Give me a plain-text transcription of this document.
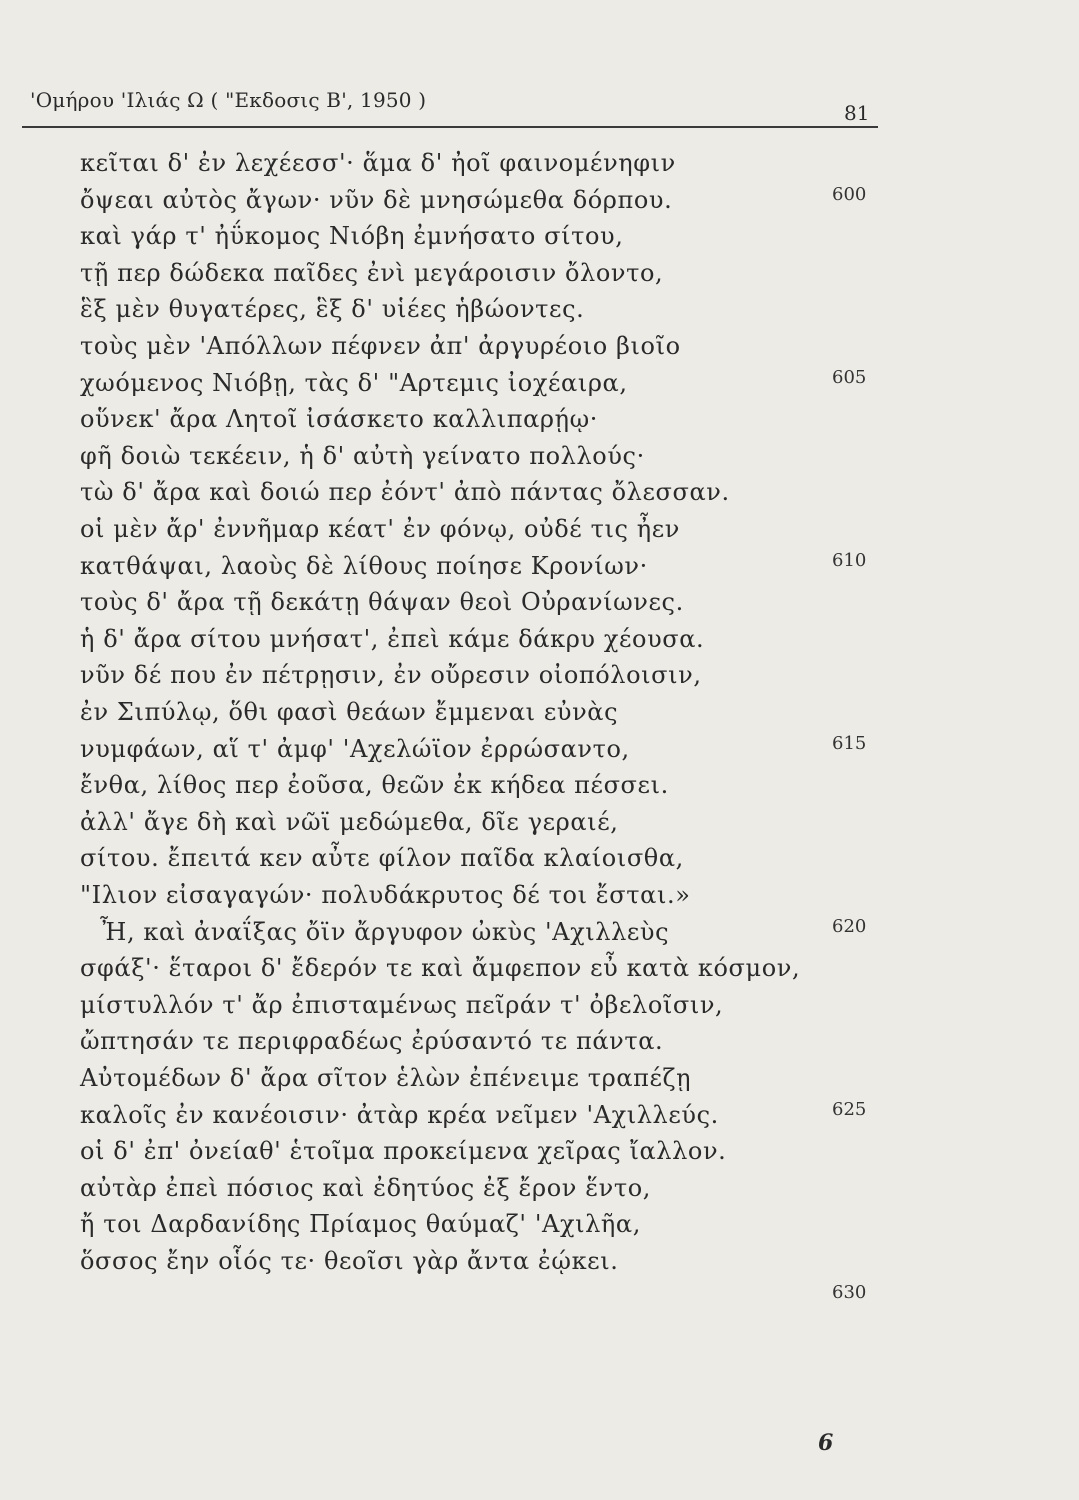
'Ομήρου 'Ιλιάς Ω ( "Εκδοσις Β', 1950 )
81
κεῖται δ' ἐν λεχέεσσ'· ἅμα δ' ἠοῖ φαινομένηφιν
ὄψεαι αὐτὸς ἄγων· νῦν δὲ μνησώμεθα δόρπου.
καὶ γάρ τ' ἠΰκομος Νιόβη ἐμνήσατο σίτου,
τῇ περ δώδεκα παῖδες ἐνὶ μεγάροισιν ὄλοντο,
ἓξ μὲν θυγατέρες, ἓξ δ' υἱέες ἡβώοντες.
τοὺς μὲν 'Απόλλων πέφνεν ἀπ' ἀργυρέοιο βιοῖο
χωόμενος Νιόβῃ, τὰς δ' "Αρτεμις ἰοχέαιρα,
οὕνεκ' ἄρα Λητοῖ ἰσάσκετο καλλιπαρῄῳ·
φῆ δοιὼ τεκέειν, ἡ δ' αὐτὴ γείνατο πολλούς·
τὼ δ' ἄρα καὶ δοιώ περ ἐόντ' ἀπὸ πάντας ὄλεσσαν.
οἱ μὲν ἄρ' ἐννῆμαρ κέατ' ἐν φόνῳ, οὐδέ τις ἦεν
κατθάψαι, λαοὺς δὲ λίθους ποίησε Κρονίων·
τοὺς δ' ἄρα τῇ δεκάτῃ θάψαν θεοὶ Οὐρανίωνες.
ἡ δ' ἄρα σίτου μνήσατ', ἐπεὶ κάμε δάκρυ χέουσα.
νῦν δέ που ἐν πέτρῃσιν, ἐν οὔρεσιν οἰοπόλοισιν,
ἐν Σιπύλῳ, ὅθι φασὶ θεάων ἔμμεναι εὐνὰς
νυμφάων, αἵ τ' ἀμφ' 'Αχελώϊον ἐρρώσαντο,
ἔνθα, λίθος περ ἐοῦσα, θεῶν ἐκ κήδεα πέσσει.
ἀλλ' ἄγε δὴ καὶ νῶϊ μεδώμεθα, δῖε γεραιέ,
σίτου. ἔπειτά κεν αὖτε φίλον παῖδα κλαίοισθα,
"Ιλιον εἰσαγαγών· πολυδάκρυτος δέ τοι ἔσται.»
Ἦ, καὶ ἀναΐξας ὄϊν ἄργυφον ὠκὺς 'Αχιλλεὺς
σφάξ'· ἕταροι δ' ἔδερόν τε καὶ ἄμφεπον εὖ κατὰ κόσμον,
μίστυλλόν τ' ἄρ ἐπισταμένως πεῖράν τ' ὀβελοῖσιν,
ὤπτησάν τε περιφραδέως ἐρύσαντό τε πάντα.
Αὐτομέδων δ' ἄρα σῖτον ἑλὼν ἐπένειμε τραπέζῃ
καλοῖς ἐν κανέοισιν· ἀτὰρ κρέα νεῖμεν 'Αχιλλεύς.
οἱ δ' ἐπ' ὀνείαθ' ἑτοῖμα προκείμενα χεῖρας ἴαλλον.
αὐτὰρ ἐπεὶ πόσιος καὶ ἐδητύος ἐξ ἔρον ἕντο,
ἤ τοι Δαρδανίδης Πρίαμος θαύμαζ' 'Αχιλῆα,
ὅσσος ἔην οἷός τε· θεοῖσι γὰρ ἄντα ἐῴκει.
600
605
610
615
620
625
630
6
